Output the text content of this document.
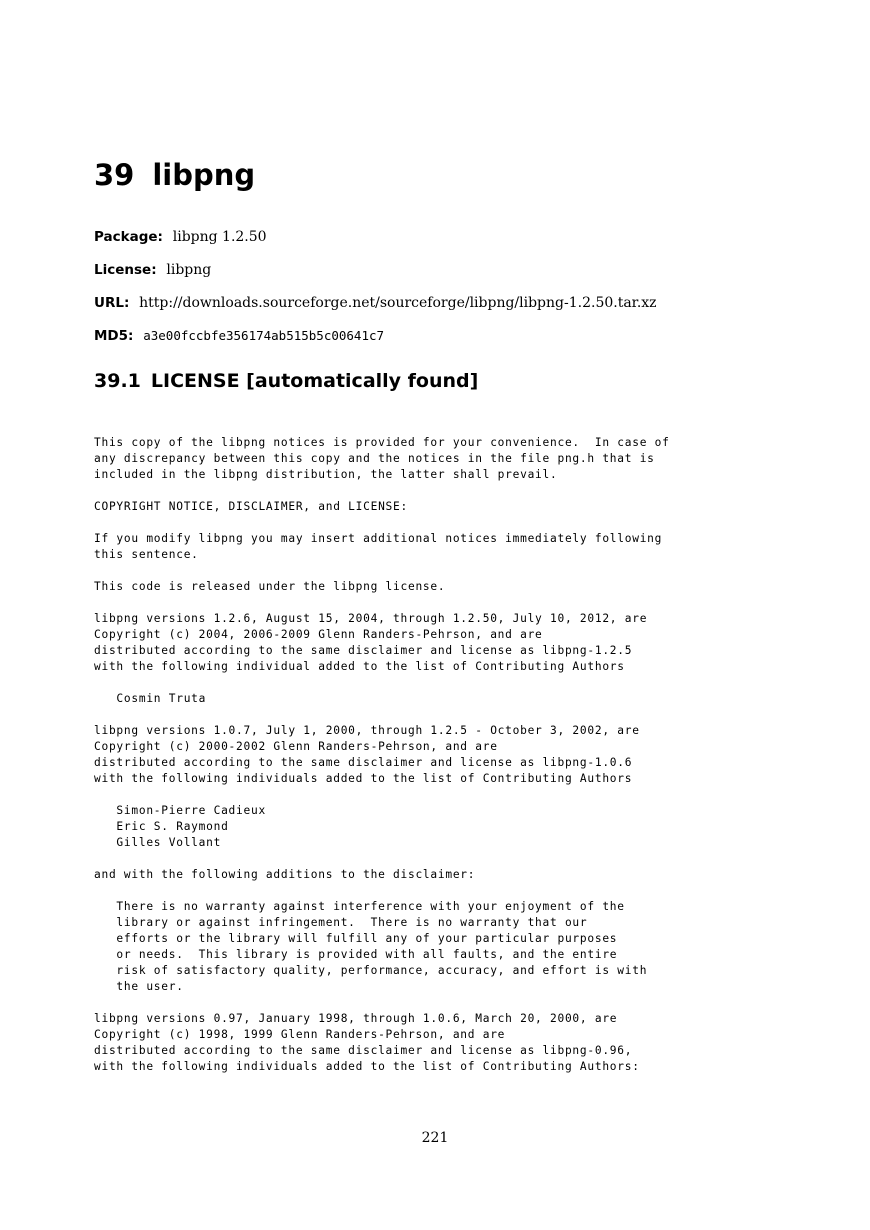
39 libpng
Package: libpng 1.2.50
License: libpng
URL: http://downloads.sourceforge.net/sourceforge/libpng/libpng-1.2.50.tar.xz
MD5: a3e00fccbfe356174ab515b5c00641c7
39.1 LICENSE [automatically found]
This copy of the libpng notices is provided for your convenience.  In case of
any discrepancy between this copy and the notices in the file png.h that is
included in the libpng distribution, the latter shall prevail.

COPYRIGHT NOTICE, DISCLAIMER, and LICENSE:

If you modify libpng you may insert additional notices immediately following
this sentence.

This code is released under the libpng license.

libpng versions 1.2.6, August 15, 2004, through 1.2.50, July 10, 2012, are
Copyright (c) 2004, 2006-2009 Glenn Randers-Pehrson, and are
distributed according to the same disclaimer and license as libpng-1.2.5
with the following individual added to the list of Contributing Authors

Cosmin Truta

libpng versions 1.0.7, July 1, 2000, through 1.2.5 - October 3, 2002, are
Copyright (c) 2000-2002 Glenn Randers-Pehrson, and are
distributed according to the same disclaimer and license as libpng-1.0.6
with the following individuals added to the list of Contributing Authors

Simon-Pierre Cadieux
Eric S. Raymond
Gilles Vollant

and with the following additions to the disclaimer:

There is no warranty against interference with your enjoyment of the
library or against infringement.  There is no warranty that our
efforts or the library will fulfill any of your particular purposes
or needs.  This library is provided with all faults, and the entire
risk of satisfactory quality, performance, accuracy, and effort is with
the user.

libpng versions 0.97, January 1998, through 1.0.6, March 20, 2000, are
Copyright (c) 1998, 1999 Glenn Randers-Pehrson, and are
distributed according to the same disclaimer and license as libpng-0.96,
with the following individuals added to the list of Contributing Authors:
221
